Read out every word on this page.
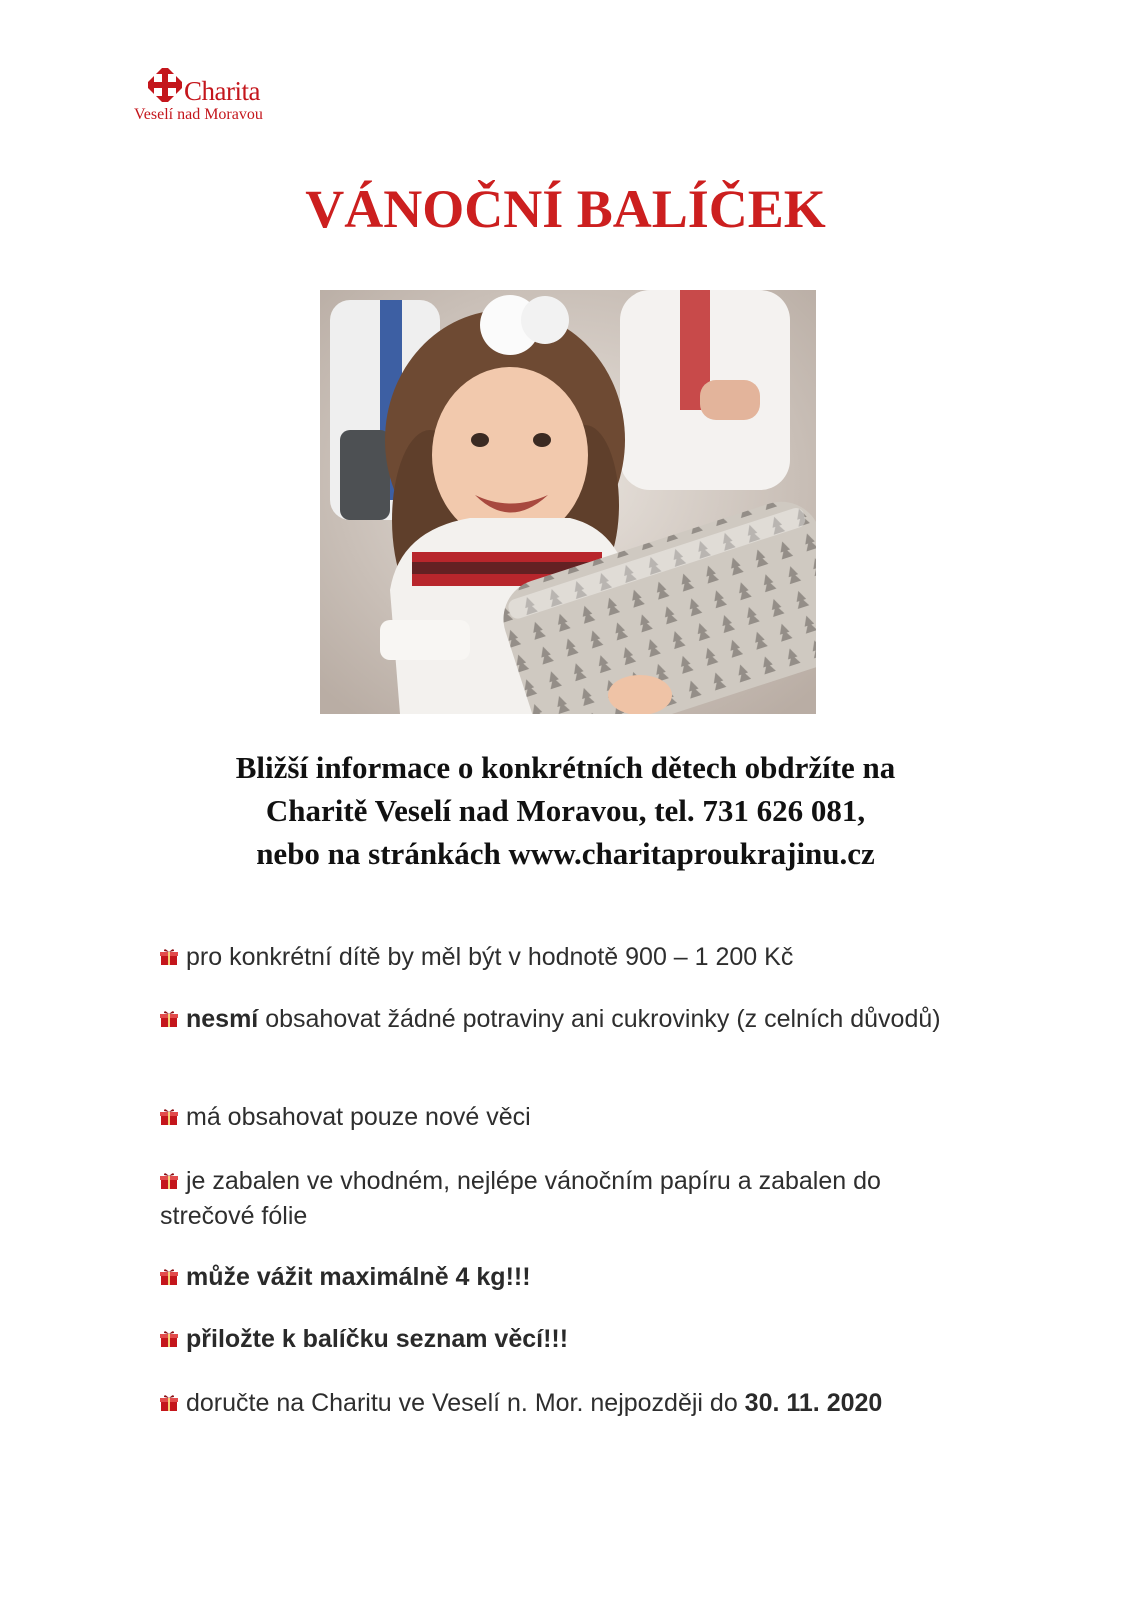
Charita
Veselí nad Moravou
VÁNOČNÍ BALÍČEK
Bližší informace o konkrétních dětech obdržíte na
Charitě Veselí nad Moravou, tel. 731 626 081,
nebo na stránkách www.charitaproukrajinu.cz
pro konkrétní dítě by měl být v hodnotě 900 – 1 200 Kč
nesmí obsahovat žádné potraviny ani cukrovinky (z celních důvodů)
má obsahovat pouze nové věci
je zabalen ve vhodném, nejlépe vánočním papíru a zabalen do strečové fólie
může vážit maximálně 4 kg!!!
přiložte k balíčku seznam věcí!!!
doručte na Charitu ve Veselí n. Mor. nejpozději do 30. 11. 2020
